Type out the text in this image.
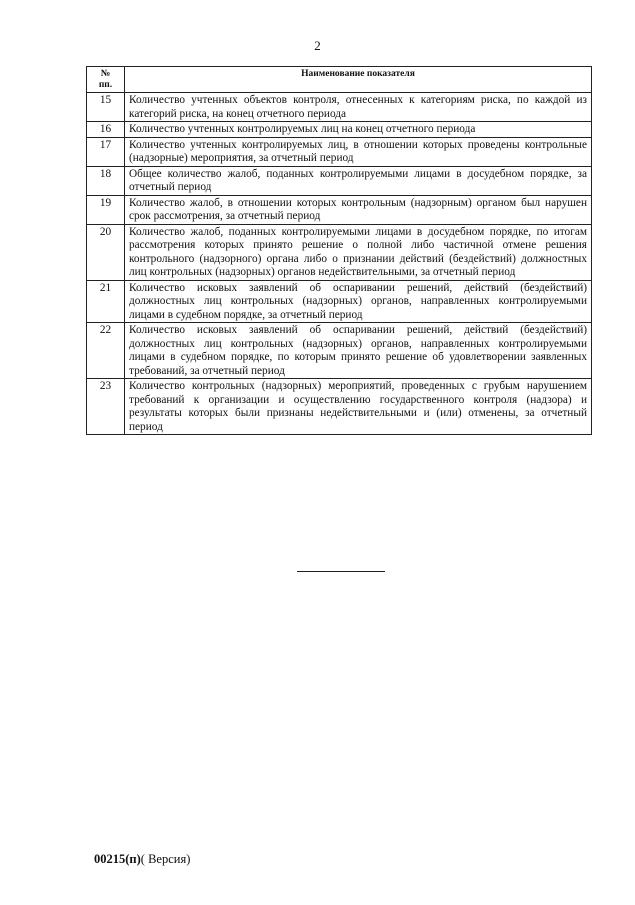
2
№
пп.	Наименование показателя
15	Количество учтенных объектов контроля, отнесенных к категориям риска, по каждой из категорий риска, на конец отчетного периода
16	Количество учтенных контролируемых лиц на конец отчетного периода
17	Количество учтенных контролируемых лиц, в отношении которых проведены контрольные (надзорные) мероприятия, за отчетный период
18	Общее количество жалоб, поданных контролируемыми лицами в досудебном порядке, за отчетный период
19	Количество жалоб, в отношении которых контрольным (надзорным) органом был нарушен срок рассмотрения, за отчетный период
20	Количество жалоб, поданных контролируемыми лицами в досудебном порядке, по итогам рассмотрения которых принято решение о полной либо частичной отмене решения контрольного (надзорного) органа либо о признании действий (бездействий) должностных лиц контрольных (надзорных) органов недействительными, за отчетный период
21	Количество исковых заявлений об оспаривании решений, действий (бездействий) должностных лиц контрольных (надзорных) органов, направленных контролируемыми лицами в судебном порядке, за отчетный период
22	Количество исковых заявлений об оспаривании решений, действий (бездействий) должностных лиц контрольных (надзорных) органов, направленных контролируемыми лицами в судебном порядке, по которым принято решение об удовлетворении заявленных требований, за отчетный период
23	Количество контрольных (надзорных) мероприятий, проведенных с грубым нарушением требований к организации и осуществлению государственного контроля (надзора) и результаты которых были признаны недействительными и (или) отменены, за отчетный период
00215(п)( Версия)
